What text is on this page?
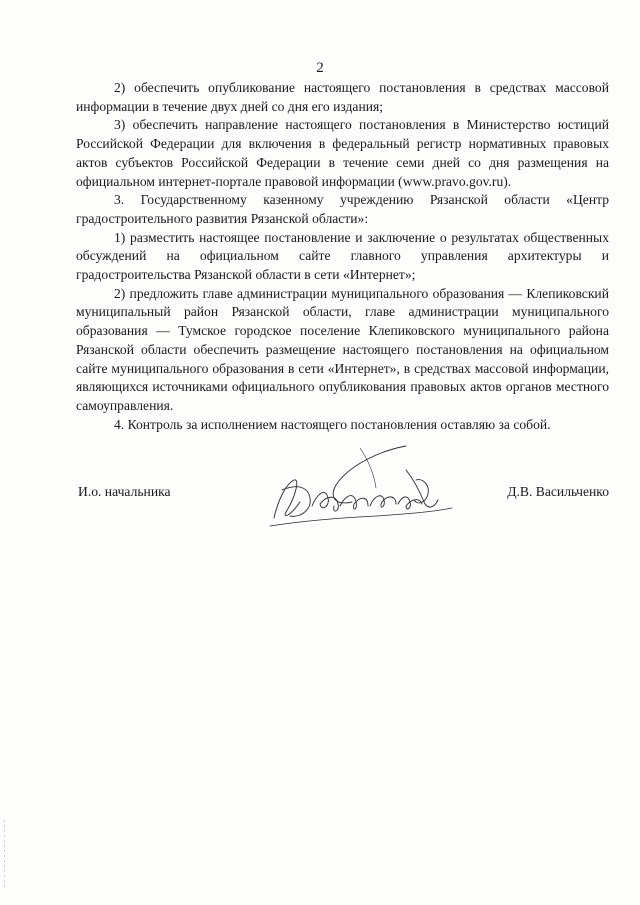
2

2) обеспечить опубликование настоящего постановления в средствах массовой информации в течение двух дней со дня его издания;

3) обеспечить направление настоящего постановления в Министерство юстиций Российской Федерации для включения в федеральный регистр нормативных правовых актов субъектов Российской Федерации в течение семи дней со дня размещения на официальном интернет-портале правовой информации (www.pravo.gov.ru).

3. Государственному казенному учреждению Рязанской области «Центр градостроительного развития Рязанской области»:

1) разместить настоящее постановление и заключение о результатах общественных обсуждений на официальном сайте главного управления архитектуры и градостроительства Рязанской области в сети «Интернет»;

2) предложить главе администрации муниципального образования — Клепиковский муниципальный район Рязанской области, главе администрации муниципального образования — Тумское городское поселение Клепиковского муниципального района Рязанской области обеспечить размещение настоящего постановления на официальном сайте муниципального образования в сети «Интернет», в средствах массовой информации, являющихся источниками официального опубликования правовых актов органов местного самоуправления.

4. Контроль за исполнением настоящего постановления оставляю за собой.

И.о. начальника	Д.В. Васильченко
